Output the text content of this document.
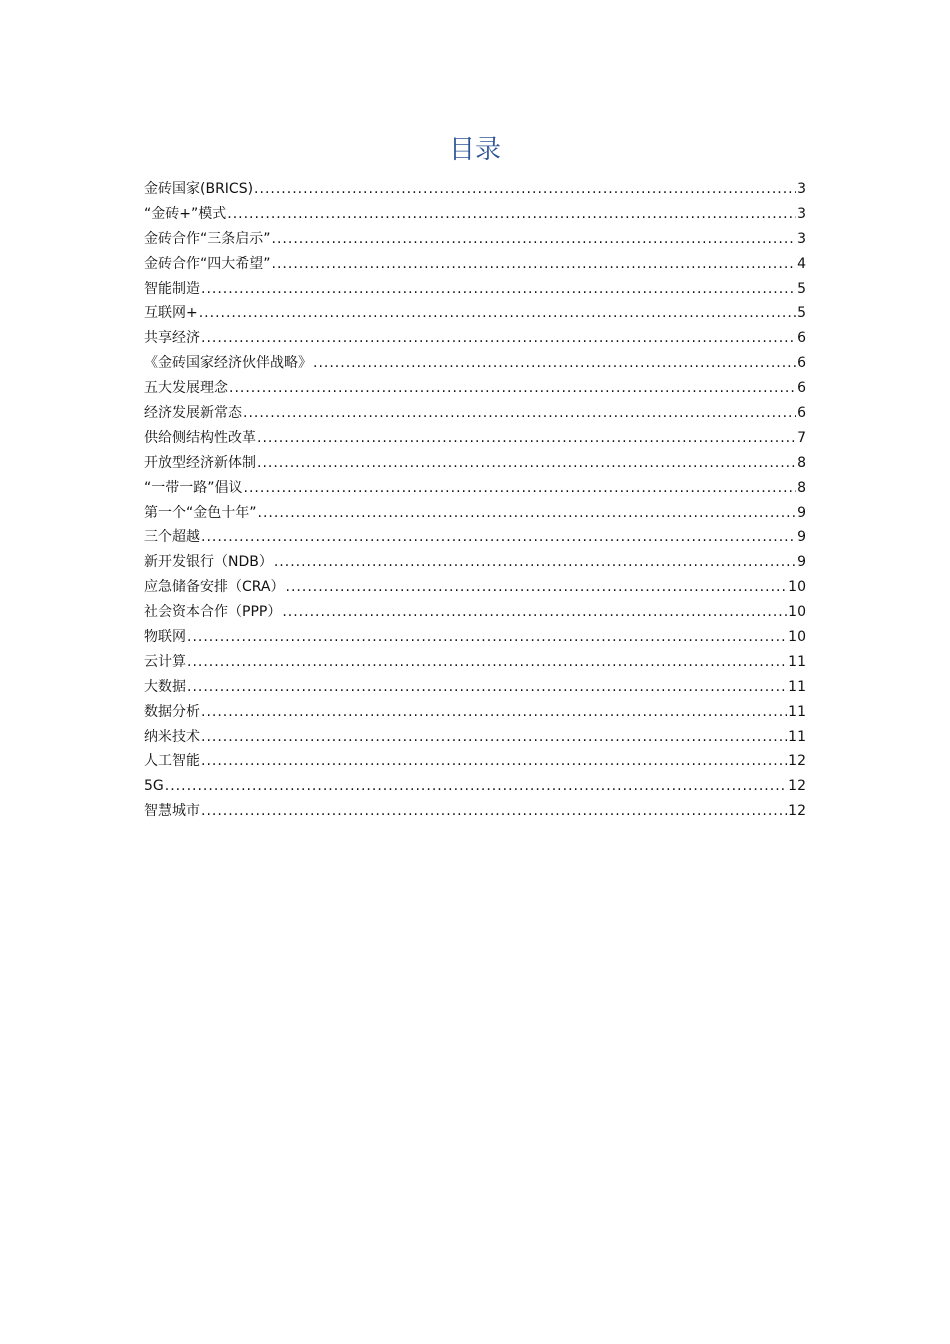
目录
金砖国家(BRICS) .....	3
“金砖+”模式 .....	3
金砖合作“三条启示” .....	3
金砖合作“四大希望” .....	4
智能制造 .....	5
互联网+ .....	5
共享经济 .....	6
《金砖国家经济伙伴战略》 .....	6
五大发展理念 .....	6
经济发展新常态 .....	6
供给侧结构性改革 .....	7
开放型经济新体制 .....	8
“一带一路”倡议 .....	8
第一个“金色十年” .....	9
三个超越 .....	9
新开发银行（NDB） .....	9
应急储备安排（CRA） .....	10
社会资本合作（PPP） .....	10
物联网 .....	10
云计算 .....	11
大数据 .....	11
数据分析 .....	11
纳米技术 .....	11
人工智能 .....	12
5G .....	12
智慧城市 .....	12
